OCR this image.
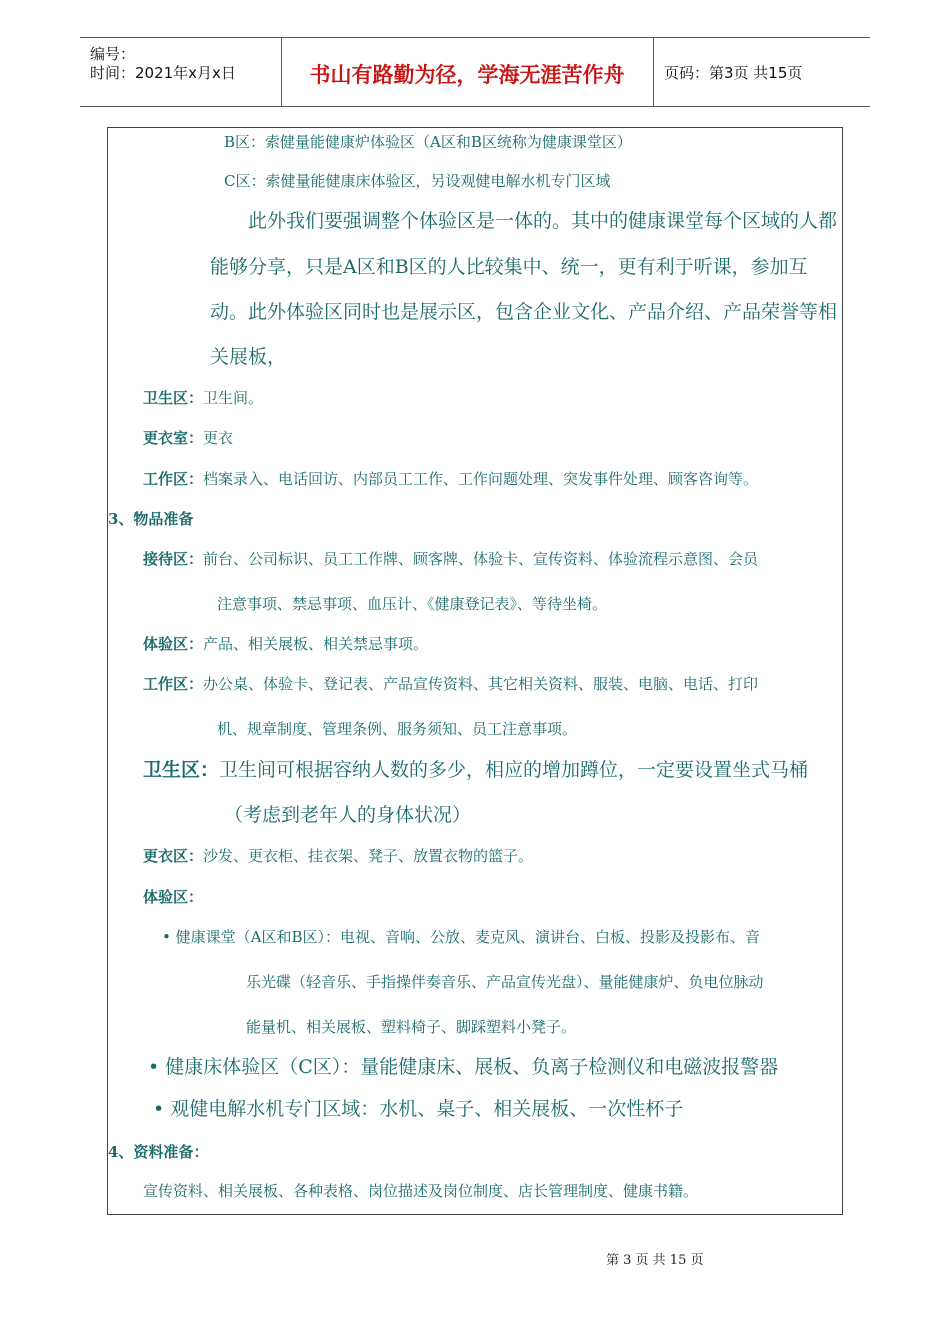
编号：
时间：2021年x月x日	书山有路勤为径，学海无涯苦作舟	页码：第3页 共15页
B区：索健量能健康炉体验区（A区和B区统称为健康课堂区）
C区：索健量能健康床体验区，另设观健电解水机专门区域
此外我们要强调整个体验区是一体的。其中的健康课堂每个区域的人都
能够分享，只是A区和B区的人比较集中、统一，更有利于听课，参加互
动。此外体验区同时也是展示区，包含企业文化、产品介绍、产品荣誉等相
关展板，
卫生区：卫生间。
更衣室：更衣
工作区：档案录入、电话回访、内部员工工作、工作问题处理、突发事件处理、顾客咨询等。
3、物品准备
接待区：前台、公司标识、员工工作牌、顾客牌、体验卡、宣传资料、体验流程示意图、会员
注意事项、禁忌事项、血压计、《健康登记表》、等待坐椅。
体验区：产品、相关展板、相关禁忌事项。
工作区：办公桌、体验卡、登记表、产品宣传资料、其它相关资料、服装、电脑、电话、打印
机、规章制度、管理条例、服务须知、员工注意事项。
卫生区：卫生间可根据容纳人数的多少，相应的增加蹲位，一定要设置坐式马桶
（考虑到老年人的身体状况）
更衣区：沙发、更衣柜、挂衣架、凳子、放置衣物的篮子。
体验区：
• 健康课堂（A区和B区）：电视、音响、公放、麦克风、演讲台、白板、投影及投影布、音
乐光碟（轻音乐、手指操伴奏音乐、产品宣传光盘）、量能健康炉、负电位脉动
能量机、相关展板、塑料椅子、脚踩塑料小凳子。
• 健康床体验区（C区）：量能健康床、展板、负离子检测仪和电磁波报警器
• 观健电解水机专门区域：水机、桌子、相关展板、一次性杯子
4、资料准备：
宣传资料、相关展板、各种表格、岗位描述及岗位制度、店长管理制度、健康书籍。
第 3 页 共 15 页
